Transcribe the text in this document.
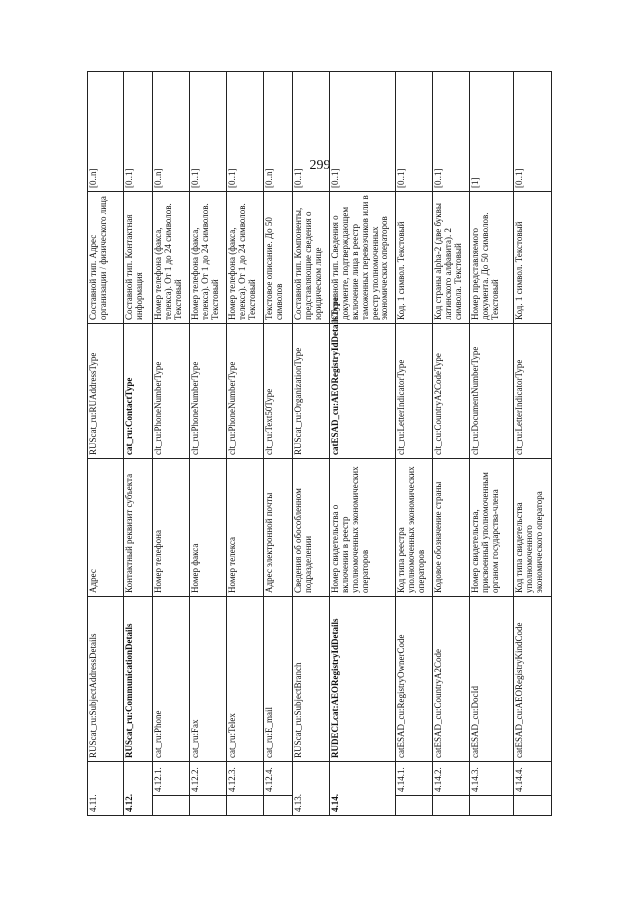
299
4.11.		RUScat_ru:SubjectAddressDetails	Адрес	RUScat_ru:RUAddressType	Составной тип. Адрес организации / физического лица	[0..n]
4.12.		RUScat_ru:CommunicationDetails	Контактный реквизит субъекта	cat_ru:ContactType	Составной тип. Контактная информация	[0..1]
	4.12.1.	cat_ru:Phone	Номер телефона	clt_ru:PhoneNumberType	Номер телефона (факса, телекса). От 1 до 24 символов. Текстовый	[0..n]
	4.12.2.	cat_ru:Fax	Номер факса	clt_ru:PhoneNumberType	Номер телефона (факса, телекса). От 1 до 24 символов. Текстовый	[0..1]
	4.12.3.	cat_ru:Telex	Номер телекса	clt_ru:PhoneNumberType	Номер телефона (факса, телекса). От 1 до 24 символов. Текстовый	[0..1]
	4.12.4.	cat_ru:E_mail	Адрес электронной почты	clt_ru:Text50Type	Текстовое описание. До 50 символов	[0..n]
4.13.		RUScat_ru:SubjectBranch	Сведения об обособленном подразделении	RUScat_ru:OrganizationType	Составной тип. Компоненты, представляющие сведения о юридическом лице	[0..1]
4.14.		RUDECLcat:AEORegistryIdDetails	Номер свидетельства о включении в реестр уполномоченных экономических операторов	catESAD_cu:AEORegistryIdDetailsType	Составной тип. Сведения о документе, подтверждающем включение лица в реестр таможенных перевозчиков или в реестр уполномоченных экономических операторов	[0..1]
	4.14.1.	catESAD_cu:RegistryOwnerCode	Код типа реестра уполномоченных экономических операторов	clt_ru:LetterIndicatorType	Код. 1 символ. Текстовый	[0..1]
	4.14.2.	catESAD_cu:CountryA2Code	Кодовое обозначение страны	clt_cu:CountryA2CodeType	Код страны alpha-2 (две буквы латинского алфавита). 2 символа. Текстовый	[0..1]
	4.14.3.	catESAD_cu:DocId	Номер свидетельства, присвоенный уполномоченным органом государства-члена	clt_ru:DocumentNumberType	Номер представляемого документа. До 50 символов. Текстовый	[1]
	4.14.4.	catESAD_cu:AEORegistryKindCode	Код типа свидетельства уполномоченного экономического оператора	clt_ru:LetterIndicatorType	Код. 1 символ. Текстовый	[0..1]
